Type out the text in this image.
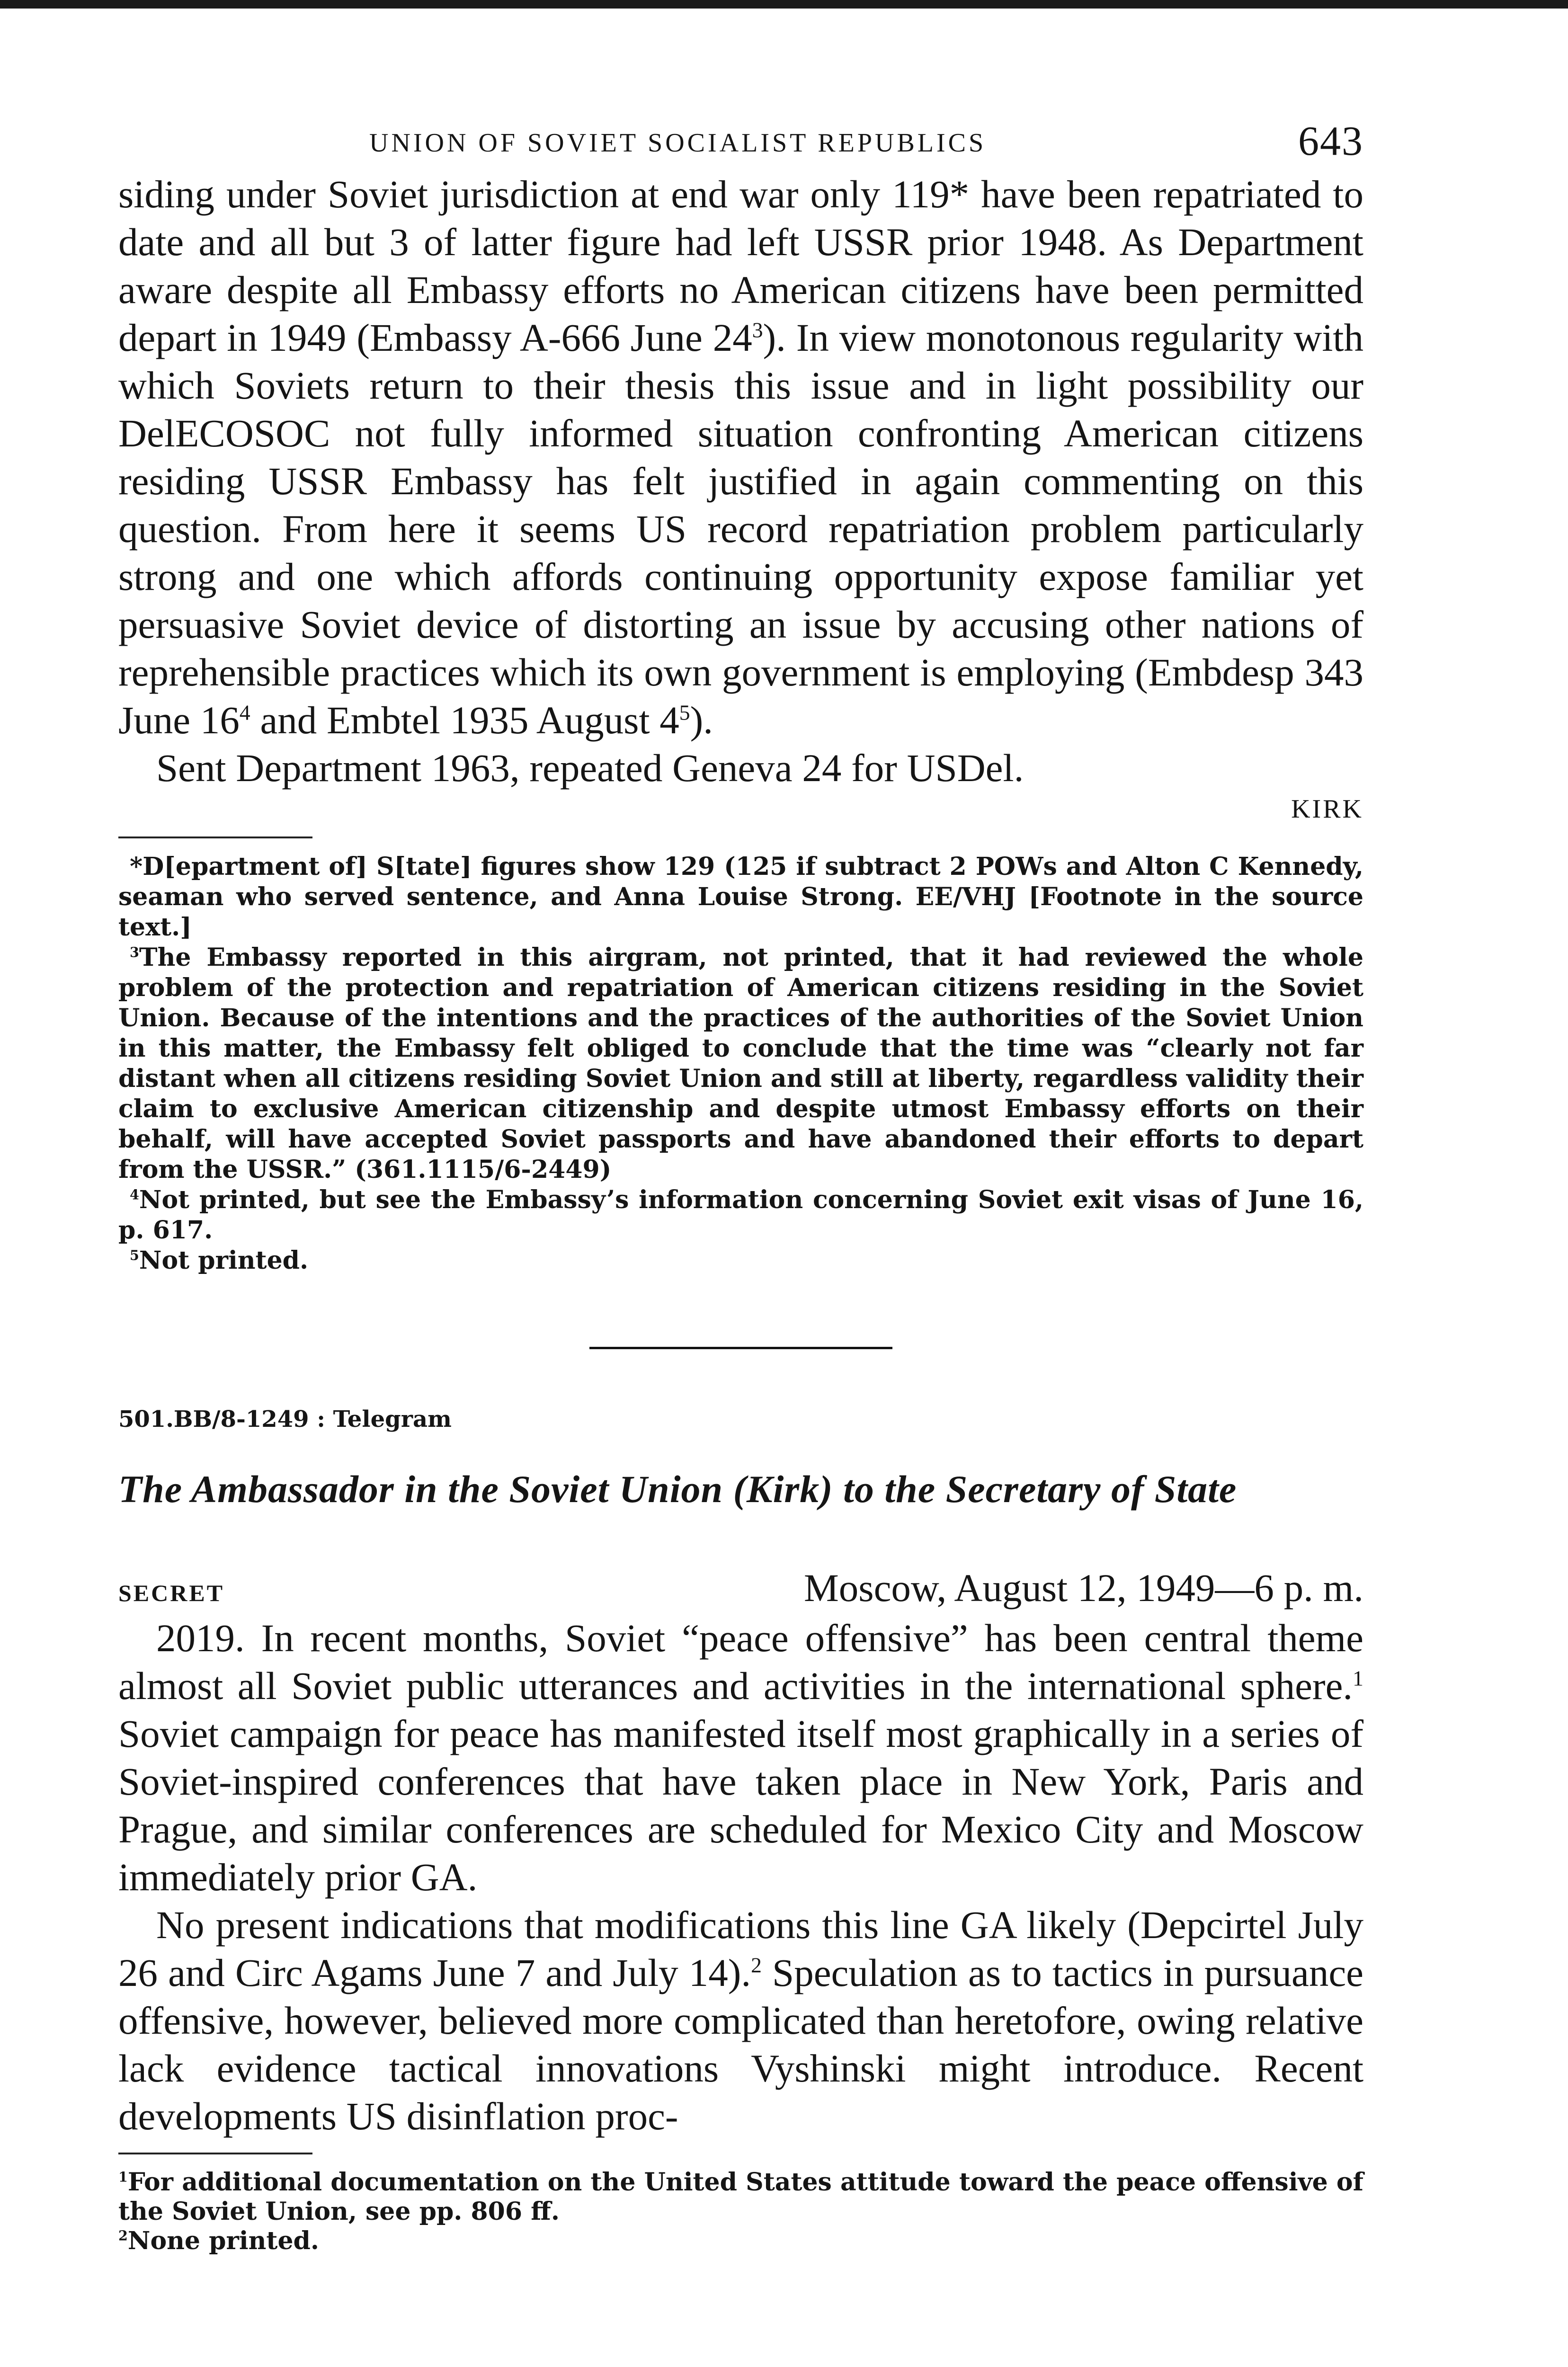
UNION OF SOVIET SOCIALIST REPUBLICS	643

siding under Soviet jurisdiction at end war only 119* have been repatriated to date and all but 3 of latter figure had left USSR prior 1948. As Department aware despite all Embassy efforts no American citizens have been permitted depart in 1949 (Embassy A-666 June $24^3$). In view monotonous regularity with which Soviets return to their thesis this issue and in light possibility our DelECOSOC not fully informed situation confronting American citizens residing USSR Embassy has felt justified in again commenting on this question. From here it seems US record repatriation problem particularly strong and one which affords continuing opportunity expose familiar yet persuasive Soviet device of distorting an issue by accusing other nations of reprehensible practices which its own government is employing (Embdesp 343 June $16^4$ and Embtel 1935 August $4^5$).

Sent Department 1963, repeated Geneva 24 for USDel.

KIRK

*D[epartment of] S[tate] figures show 129 (125 if subtract 2 POWs and Alton C Kennedy, seaman who served sentence, and Anna Louise Strong. EE/VHJ [Footnote in the source text.]

$^3$The Embassy reported in this airgram, not printed, that it had reviewed the whole problem of the protection and repatriation of American citizens residing in the Soviet Union. Because of the intentions and the practices of the authorities of the Soviet Union in this matter, the Embassy felt obliged to conclude that the time was “clearly not far distant when all citizens residing Soviet Union and still at liberty, regardless validity their claim to exclusive American citizenship and despite utmost Embassy efforts on their behalf, will have accepted Soviet passports and have abandoned their efforts to depart from the USSR.” (361.1115/6-2449)

$^4$Not printed, but see the Embassy’s information concerning Soviet exit visas of June 16, p. 617.

$^5$Not printed.

501.BB/8-1249 : Telegram
The Ambassador in the Soviet Union (Kirk) to the Secretary of State
SECRET	Moscow, August 12, 1949—6 p. m.

2019. In recent months, Soviet “peace offensive” has been central theme almost all Soviet public utterances and activities in the international sphere.$^1$ Soviet campaign for peace has manifested itself most graphically in a series of Soviet-inspired conferences that have taken place in New York, Paris and Prague, and similar conferences are scheduled for Mexico City and Moscow immediately prior GA.

No present indications that modifications this line GA likely (Depcirtel July 26 and Circ Agams June 7 and July 14).$^2$ Speculation as to tactics in pursuance offensive, however, believed more complicated than heretofore, owing relative lack evidence tactical innovations Vyshinski might introduce. Recent developments US disinflation proc-

$^1$For additional documentation on the United States attitude toward the peace offensive of the Soviet Union, see pp. 806 ff.

$^2$None printed.
